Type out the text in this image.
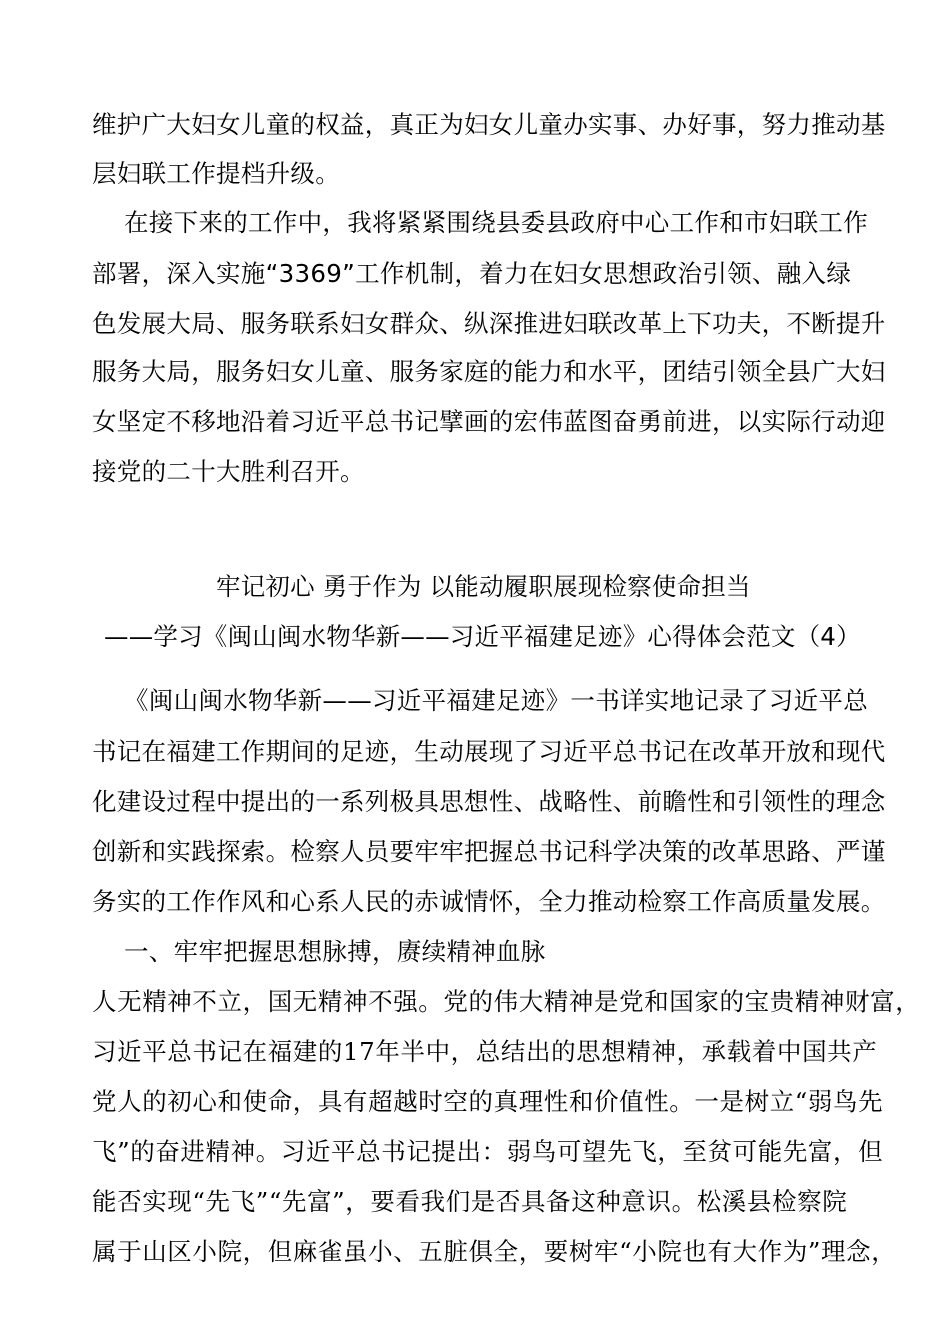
维护广大妇女儿童的权益，真正为妇女儿童办实事、办好事，努力推动基
层妇联工作提档升级。
在接下来的工作中，我将紧紧围绕县委县政府中心工作和市妇联工作
部署，深入实施“3369”工作机制，着力在妇女思想政治引领、融入绿
色发展大局、服务联系妇女群众、纵深推进妇联改革上下功夫，不断提升
服务大局，服务妇女儿童、服务家庭的能力和水平，团结引领全县广大妇
女坚定不移地沿着习近平总书记擘画的宏伟蓝图奋勇前进，以实际行动迎
接党的二十大胜利召开。
牢记初心 勇于作为 以能动履职展现检察使命担当
——学习《闽山闽水物华新——习近平福建足迹》心得体会范文（4）
《闽山闽水物华新——习近平福建足迹》一书详实地记录了习近平总
书记在福建工作期间的足迹，生动展现了习近平总书记在改革开放和现代
化建设过程中提出的一系列极具思想性、战略性、前瞻性和引领性的理念
创新和实践探索。检察人员要牢牢把握总书记科学决策的改革思路、严谨
务实的工作作风和心系人民的赤诚情怀，全力推动检察工作高质量发展。
一、牢牢把握思想脉搏，赓续精神血脉
人无精神不立，国无精神不强。党的伟大精神是党和国家的宝贵精神财富，
习近平总书记在福建的17年半中，总结出的思想精神，承载着中国共产
党人的初心和使命，具有超越时空的真理性和价值性。一是树立“弱鸟先
飞”的奋进精神。习近平总书记提出：弱鸟可望先飞，至贫可能先富，但
能否实现“先飞”“先富”，要看我们是否具备这种意识。松溪县检察院
属于山区小院，但麻雀虽小、五脏俱全，要树牢“小院也有大作为”理念，
